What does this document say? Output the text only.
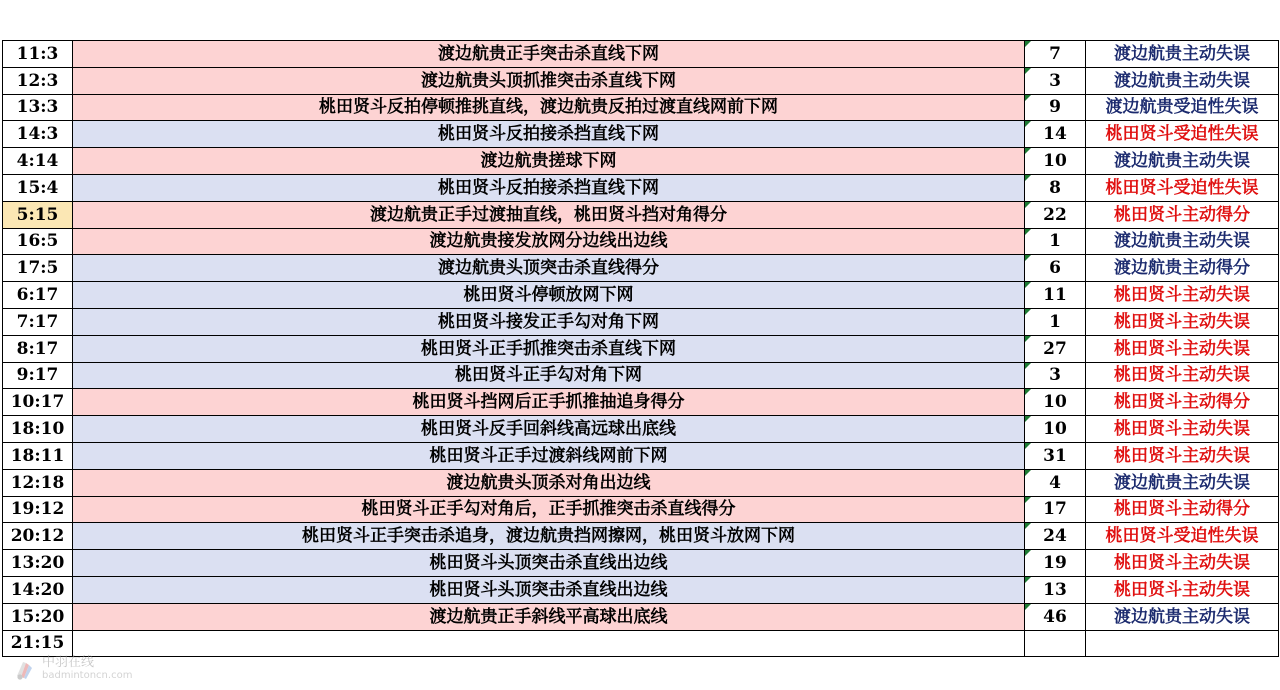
11:3	渡边航贵正手突击杀直线下网	7	渡边航贵主动失误
12:3	渡边航贵头顶抓推突击杀直线下网	3	渡边航贵主动失误
13:3	桃田贤斗反拍停顿推挑直线，渡边航贵反拍过渡直线网前下网	9	渡边航贵受迫性失误
14:3	桃田贤斗反拍接杀挡直线下网	14	桃田贤斗受迫性失误
4:14	渡边航贵搓球下网	10	渡边航贵主动失误
15:4	桃田贤斗反拍接杀挡直线下网	8	桃田贤斗受迫性失误
5:15	渡边航贵正手过渡抽直线，桃田贤斗挡对角得分	22	桃田贤斗主动得分
16:5	渡边航贵接发放网分边线出边线	1	渡边航贵主动失误
17:5	渡边航贵头顶突击杀直线得分	6	渡边航贵主动得分
6:17	桃田贤斗停顿放网下网	11	桃田贤斗主动失误
7:17	桃田贤斗接发正手勾对角下网	1	桃田贤斗主动失误
8:17	桃田贤斗正手抓推突击杀直线下网	27	桃田贤斗主动失误
9:17	桃田贤斗正手勾对角下网	3	桃田贤斗主动失误
10:17	桃田贤斗挡网后正手抓推抽追身得分	10	桃田贤斗主动得分
18:10	桃田贤斗反手回斜线高远球出底线	10	桃田贤斗主动失误
18:11	桃田贤斗正手过渡斜线网前下网	31	桃田贤斗主动失误
12:18	渡边航贵头顶杀对角出边线	4	渡边航贵主动失误
19:12	桃田贤斗正手勾对角后，正手抓推突击杀直线得分	17	桃田贤斗主动得分
20:12	桃田贤斗正手突击杀追身，渡边航贵挡网擦网，桃田贤斗放网下网	24	桃田贤斗受迫性失误
13:20	桃田贤斗头顶突击杀直线出边线	19	桃田贤斗主动失误
14:20	桃田贤斗头顶突击杀直线出边线	13	桃田贤斗主动失误
15:20	渡边航贵正手斜线平高球出底线	46	渡边航贵主动失误
21:15			
中羽在线
badmintoncn.com
